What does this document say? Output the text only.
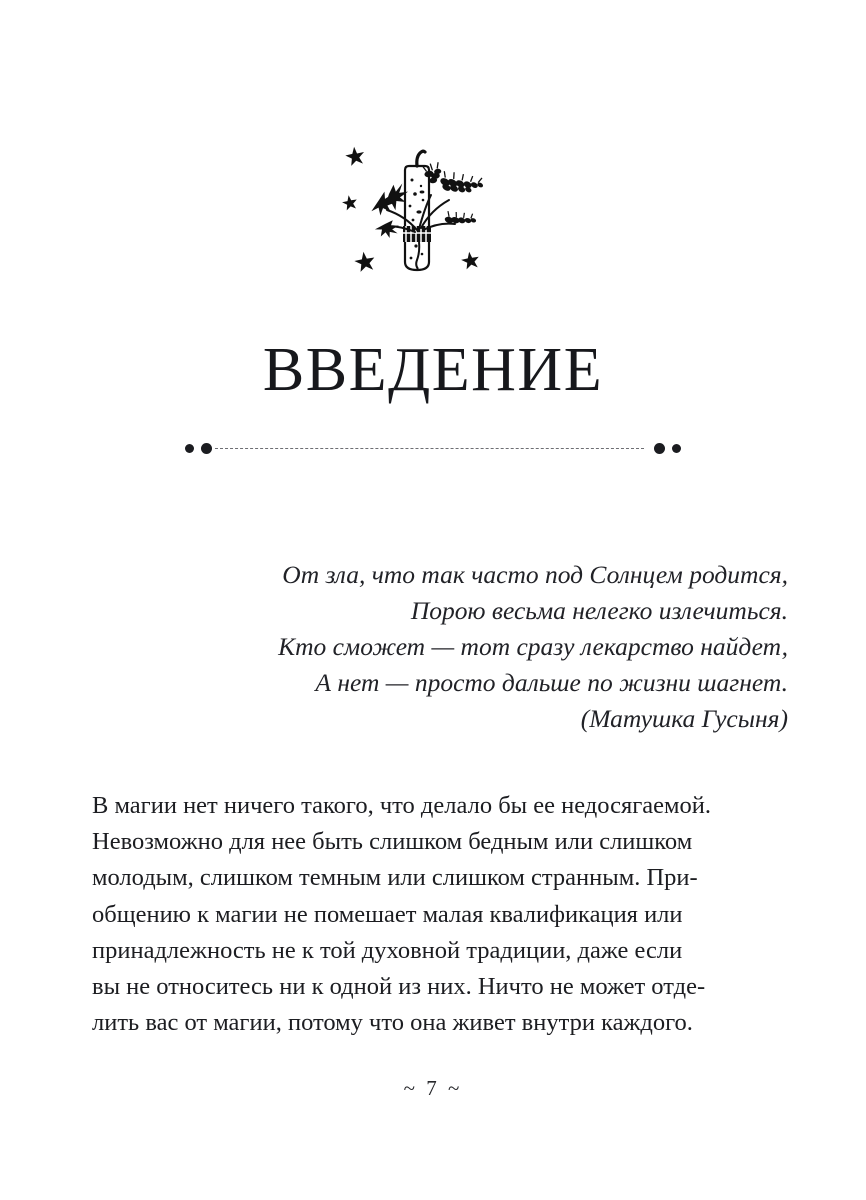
ВВЕДЕНИЕ
От зла, что так часто под Солнцем родится,
Порою весьма нелегко излечиться.
Кто сможет — тот сразу лекарство найдет,
А нет — просто дальше по жизни шагнет.
(Матушка Гусыня)
В магии нет ничего такого, что делало бы ее недосягаемой.
Невозможно для нее быть слишком бедным или слишком
молодым, слишком темным или слишком странным. При-
общению к магии не помешает малая квалификация или
принадлежность не к той духовной традиции, даже если
вы не относитесь ни к одной из них. Ничто не может отде-
лить вас от магии, потому что она живет внутри каждого.
~ 7 ~
